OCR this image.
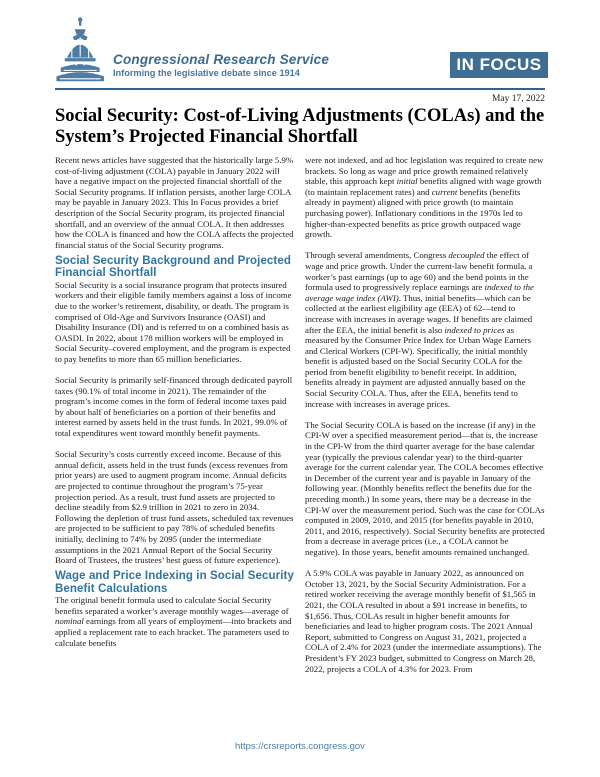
Congressional Research Service
Informing the legislative debate since 1914	IN FOCUS
May 17, 2022
Social Security: Cost-of-Living Adjustments (COLAs) and the
System’s Projected Financial Shortfall

Recent news articles have suggested that the historically large 5.9% cost-of-living adjustment (COLA) payable in January 2022 will have a negative impact on the projected financial shortfall of the Social Security programs. If inflation persists, another large COLA may be payable in January 2023. This In Focus provides a brief description of the Social Security program, its projected financial shortfall, and an overview of the annual COLA. It then addresses how the COLA is financed and how the COLA affects the projected financial status of the Social Security programs.

Social Security Background and Projected Financial Shortfall

Social Security is a social insurance program that protects insured workers and their eligible family members against a loss of income due to the worker’s retirement, disability, or death. The program is comprised of Old-Age and Survivors Insurance (OASI) and Disability Insurance (DI) and is referred to on a combined basis as OASDI. In 2022, about 178 million workers will be employed in Social Security–covered employment, and the program is expected to pay benefits to more than 65 million beneficiaries.

Social Security is primarily self-financed through dedicated payroll taxes (90.1% of total income in 2021). The remainder of the program’s income comes in the form of federal income taxes paid by about half of beneficiaries on a portion of their benefits and interest earned by assets held in the trust funds. In 2021, 99.0% of total expenditures went toward monthly benefit payments.

Social Security’s costs currently exceed income. Because of this annual deficit, assets held in the trust funds (excess revenues from prior years) are used to augment program income. Annual deficits are projected to continue throughout the program’s 75-year projection period. As a result, trust fund assets are projected to decline steadily from $2.9 trillion in 2021 to zero in 2034. Following the depletion of trust fund assets, scheduled tax revenues are projected to be sufficient to pay 78% of scheduled benefits initially, declining to 74% by 2095 (under the intermediate assumptions in the 2021 Annual Report of the Social Security Board of Trustees, the trustees’ best guess of future experience).

Wage and Price Indexing in Social Security Benefit Calculations

The original benefit formula used to calculate Social Security benefits separated a worker’s average monthly wages—average of nominal earnings from all years of employment—into brackets and applied a replacement rate to each bracket. The parameters used to calculate benefits

were not indexed, and ad hoc legislation was required to create new brackets. So long as wage and price growth remained relatively stable, this approach kept initial benefits aligned with wage growth (to maintain replacement rates) and current benefits (benefits already in payment) aligned with price growth (to maintain purchasing power). Inflationary conditions in the 1970s led to higher-than-expected benefits as price growth outpaced wage growth.

Through several amendments, Congress decoupled the effect of wage and price growth. Under the current-law benefit formula, a worker’s past earnings (up to age 60) and the bend points in the formula used to progressively replace earnings are indexed to the average wage index (AWI). Thus, initial benefits—which can be collected at the earliest eligibility age (EEA) of 62—tend to increase with increases in average wages. If benefits are claimed after the EEA, the initial benefit is also indexed to prices as measured by the Consumer Price Index for Urban Wage Earners and Clerical Workers (CPI-W). Specifically, the initial monthly benefit is adjusted based on the Social Security COLA for the period from benefit eligibility to benefit receipt. In addition, benefits already in payment are adjusted annually based on the Social Security COLA. Thus, after the EEA, benefits tend to increase with increases in average prices.

The Social Security COLA is based on the increase (if any) in the CPI-W over a specified measurement period—that is, the increase in the CPI-W from the third quarter average for the base calendar year (typically the previous calendar year) to the third-quarter average for the current calendar year. The COLA becomes effective in December of the current year and is payable in January of the following year. (Monthly benefits reflect the benefits due for the preceding month.) In some years, there may be a decrease in the CPI-W over the measurement period. Such was the case for COLAs computed in 2009, 2010, and 2015 (for benefits payable in 2010, 2011, and 2016, respectively). Social Security benefits are protected from a decrease in average prices (i.e., a COLA cannot be negative). In those years, benefit amounts remained unchanged.

A 5.9% COLA was payable in January 2022, as announced on October 13, 2021, by the Social Security Administration. For a retired worker receiving the average monthly benefit of $1,565 in 2021, the COLA resulted in about a $91 increase in benefits, to $1,656. Thus, COLAs result in higher benefit amounts for beneficiaries and lead to higher program costs. The 2021 Annual Report, submitted to Congress on August 31, 2021, projected a COLA of 2.4% for 2023 (under the intermediate assumptions). The President’s FY 2023 budget, submitted to Congress on March 28, 2022, projects a COLA of 4.3% for 2023. From

https://crsreports.congress.gov
